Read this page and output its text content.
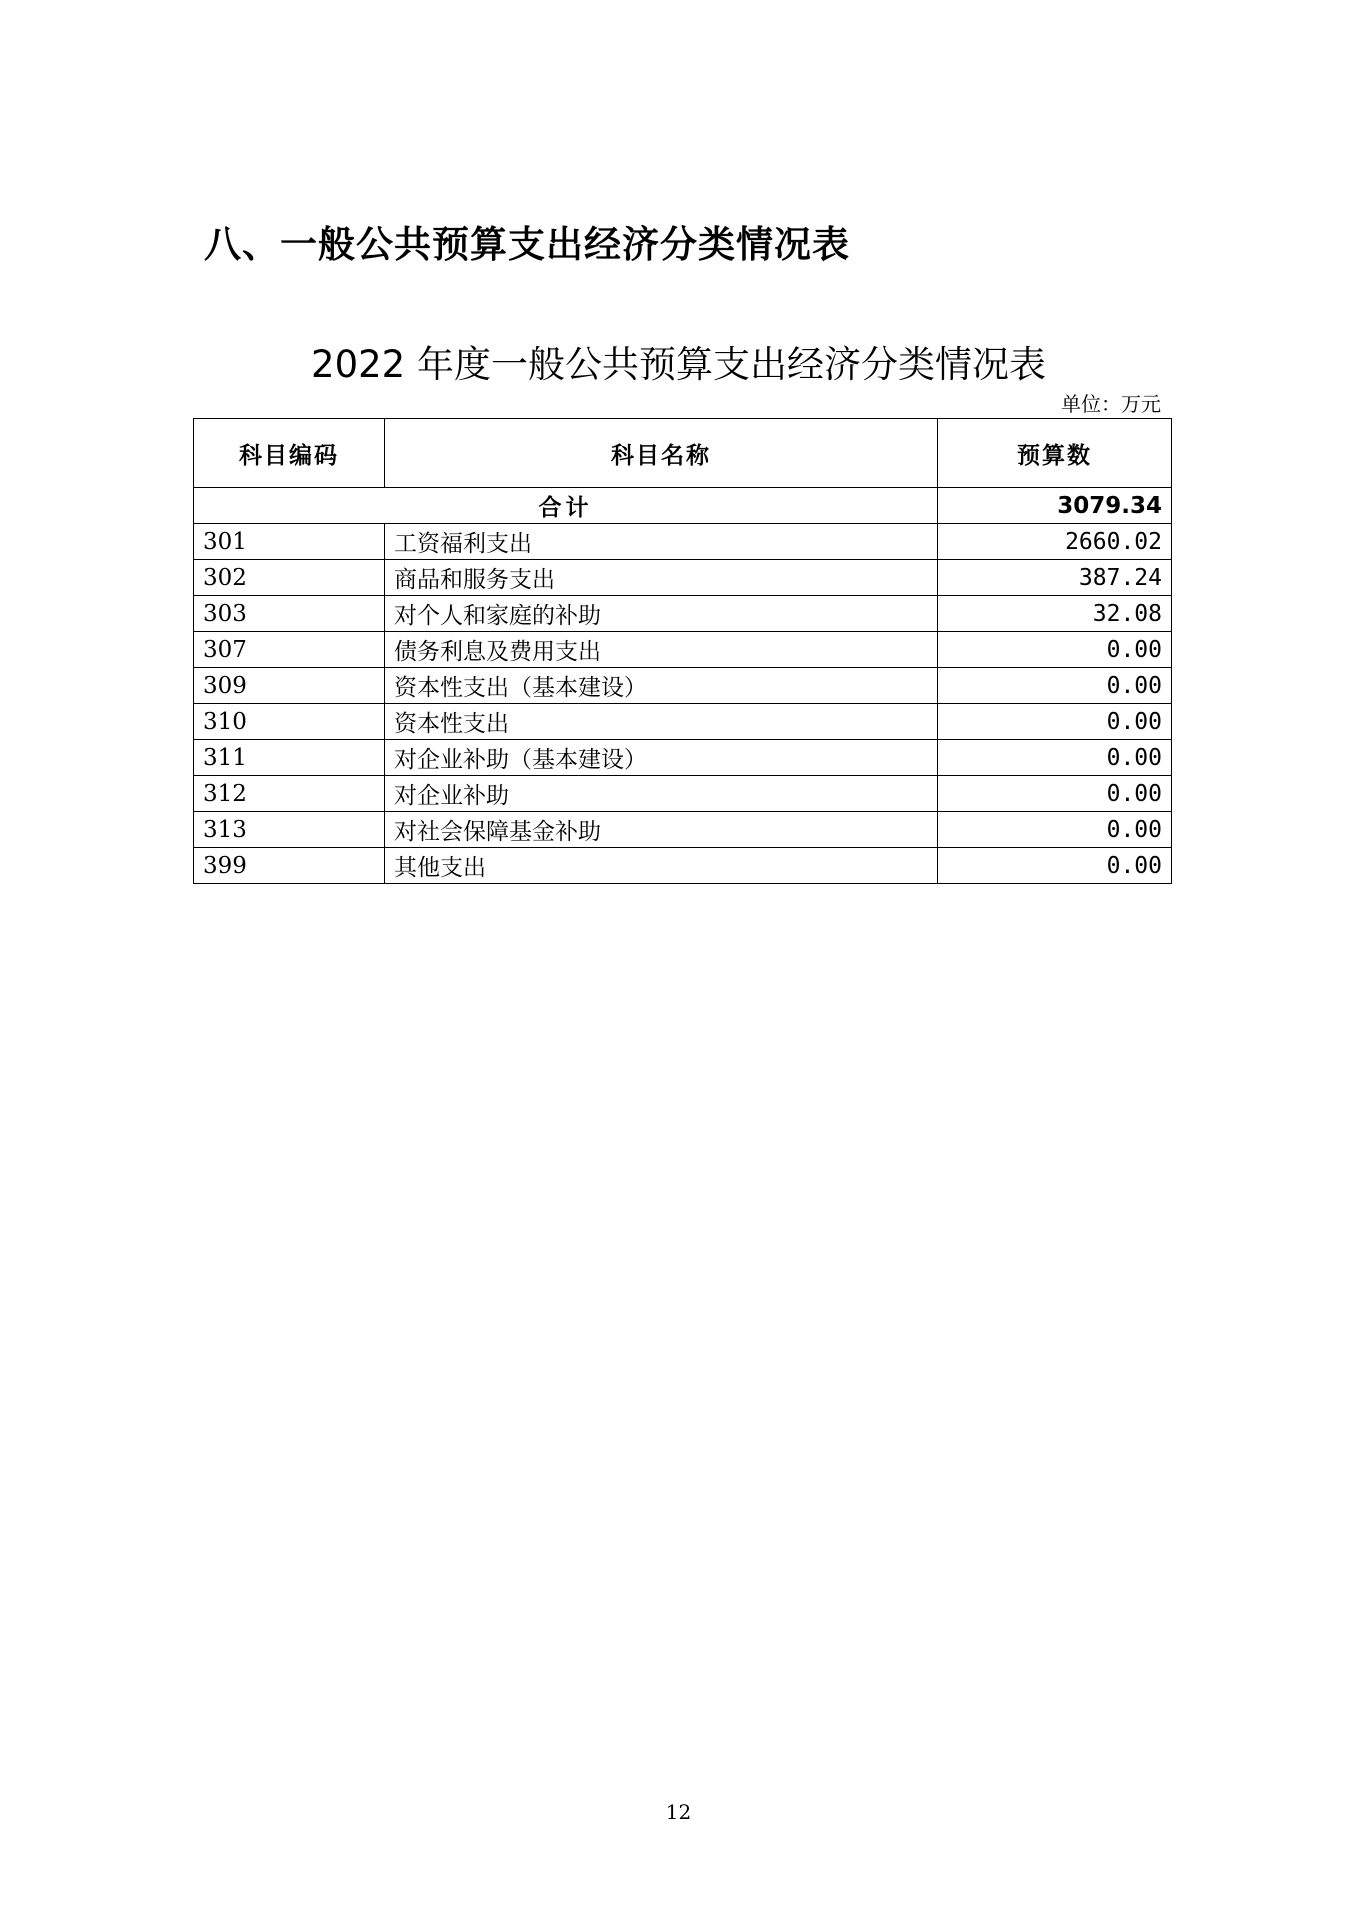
八、一般公共预算支出经济分类情况表
2022 年度一般公共预算支出经济分类情况表
单位：万元
科目编码	科目名称	预算数
合计		3079.34
301	工资福利支出	2660.02
302	商品和服务支出	387.24
303	对个人和家庭的补助	32.08
307	债务利息及费用支出	0.00
309	资本性支出（基本建设）	0.00
310	资本性支出	0.00
311	对企业补助（基本建设）	0.00
312	对企业补助	0.00
313	对社会保障基金补助	0.00
399	其他支出	0.00
12
